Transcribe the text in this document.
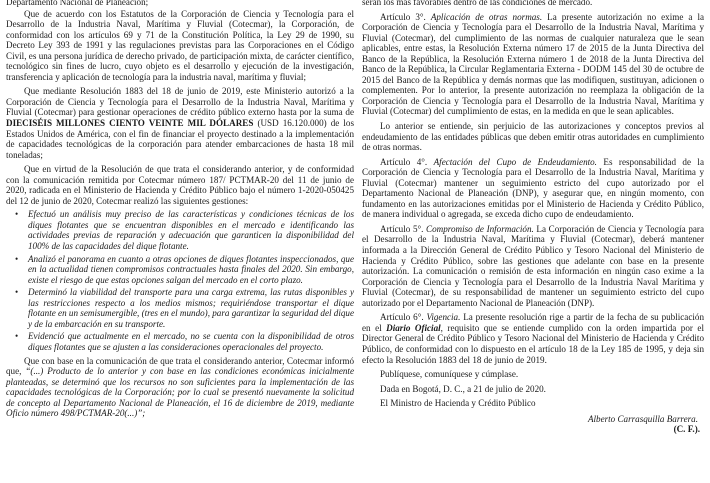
Departamento Nacional de Planeación;

Que de acuerdo con los Estatutos de la Corporación de Ciencia y Tecnología para el Desarrollo de la Industria Naval, Marítima y Fluvial (Cotecmar), la Corporación, de conformidad con los artículos 69 y 71 de la Constitución Política, la Ley 29 de 1990, su Decreto Ley 393 de 1991 y las regulaciones previstas para las Corporaciones en el Código Civil, es una persona jurídica de derecho privado, de participación mixta, de carácter científico, tecnológico sin fines de lucro, cuyo objeto es el desarrollo y ejecución de la investigación, transferencia y aplicación de tecnología para la industria naval, marítima y fluvial;

Que mediante Resolución 1883 del 18 de junio de 2019, este Ministerio autorizó a la Corporación de Ciencia y Tecnología para el Desarrollo de la Industria Naval, Marítima y Fluvial (Cotecmar) para gestionar operaciones de crédito público externo hasta por la suma de DIECISÉIS MILLONES CIENTO VEINTE MIL DÓLARES (USD 16.120.000) de los Estados Unidos de América, con el fin de financiar el proyecto destinado a la implementación de capacidades tecnológicas de la corporación para atender embarcaciones de hasta 18 mil toneladas;

Que en virtud de la Resolución de que trata el considerando anterior, y de conformidad con la comunicación remitida por Cotecmar número 187/ PCTMAR-20 del 11 de junio de 2020, radicada en el Ministerio de Hacienda y Crédito Público bajo el número 1-2020-050425 del 12 de junio de 2020, Cotecmar realizó las siguientes gestiones:

• Efectuó un análisis muy preciso de las características y condiciones técnicas de los diques flotantes que se encuentran disponibles en el mercado e identificando las actividades previas de reparación y adecuación que garanticen la disponibilidad del 100% de las capacidades del dique flotante.
• Analizó el panorama en cuanto a otras opciones de diques flotantes inspeccionados, que en la actualidad tienen compromisos contractuales hasta finales del 2020. Sin embargo, existe el riesgo de que estas opciones salgan del mercado en el corto plazo.
• Determinó la viabilidad del transporte para una carga extrema, las rutas disponibles y las restricciones respecto a los medios mismos; requiriéndose transportar el dique flotante en un semisumergible, (tres en el mundo), para garantizar la seguridad del dique y de la embarcación en su transporte.
• Evidenció que actualmente en el mercado, no se cuenta con la disponibilidad de otros diques flotantes que se ajusten a las consideraciones operacionales del proyecto.

Que con base en la comunicación de que trata el considerando anterior, Cotecmar informó que, “(...) Producto de lo anterior y con base en las condiciones económicas inicialmente planteadas, se determinó que los recursos no son suficientes para la implementación de las capacidades tecnológicas de la Corporación; por lo cual se presentó nuevamente la solicitud de concepto al Departamento Nacional de Planeación, el 16 de diciembre de 2019, mediante Oficio número 498/PCTMAR-20(...)”;

serán los más favorables dentro de las condiciones de mercado.

Artículo 3°. Aplicación de otras normas. La presente autorización no exime a la Corporación de Ciencia y Tecnología para el Desarrollo de la Industria Naval, Marítima y Fluvial (Cotecmar), del cumplimiento de las normas de cualquier naturaleza que le sean aplicables, entre estas, la Resolución Externa número 17 de 2015 de la Junta Directiva del Banco de la República, la Resolución Externa número 1 de 2018 de la Junta Directiva del Banco de la República, la Circular Reglamentaria Externa - DODM 145 del 30 de octubre de 2015 del Banco de la República y demás normas que las modifiquen, sustituyan, adicionen o complementen. Por lo anterior, la presente autorización no reemplaza la obligación de la Corporación de Ciencia y Tecnología para el Desarrollo de la Industria Naval, Marítima y Fluvial (Cotecmar) del cumplimiento de estas, en la medida en que le sean aplicables.

Lo anterior se entiende, sin perjuicio de las autorizaciones y conceptos previos al endeudamiento de las entidades públicas que deben emitir otras autoridades en cumplimiento de otras normas.

Artículo 4°. Afectación del Cupo de Endeudamiento. Es responsabilidad de la Corporación de Ciencia y Tecnología para el Desarrollo de la Industria Naval, Marítima y Fluvial (Cotecmar) mantener un seguimiento estricto del cupo autorizado por el Departamento Nacional de Planeación (DNP), y asegurar que, en ningún momento, con fundamento en las autorizaciones emitidas por el Ministerio de Hacienda y Crédito Público, de manera individual o agregada, se exceda dicho cupo de endeudamiento.

Artículo 5°. Compromiso de Información. La Corporación de Ciencia y Tecnología para el Desarrollo de la Industria Naval, Marítima y Fluvial (Cotecmar), deberá mantener informada a la Dirección General de Crédito Público y Tesoro Nacional del Ministerio de Hacienda y Crédito Público, sobre las gestiones que adelante con base en la presente autorización. La comunicación o remisión de esta información en ningún caso exime a la Corporación de Ciencia y Tecnología para el Desarrollo de la Industria Naval Marítima y Fluvial (Cotecmar), de su responsabilidad de mantener un seguimiento estricto del cupo autorizado por el Departamento Nacional de Planeación (DNP).

Artículo 6°. Vigencia. La presente resolución rige a partir de la fecha de su publicación en el Diario Oficial, requisito que se entiende cumplido con la orden impartida por el Director General de Crédito Público y Tesoro Nacional del Ministerio de Hacienda y Crédito Público, de conformidad con lo dispuesto en el artículo 18 de la Ley 185 de 1995, y deja sin efecto la Resolución 1883 del 18 de junio de 2019.

Publíquese, comuníquese y cúmplase.

Dada en Bogotá, D. C., a 21 de julio de 2020.

El Ministro de Hacienda y Crédito Público

Alberto Carrasquilla Barrera.

(C. F.).
